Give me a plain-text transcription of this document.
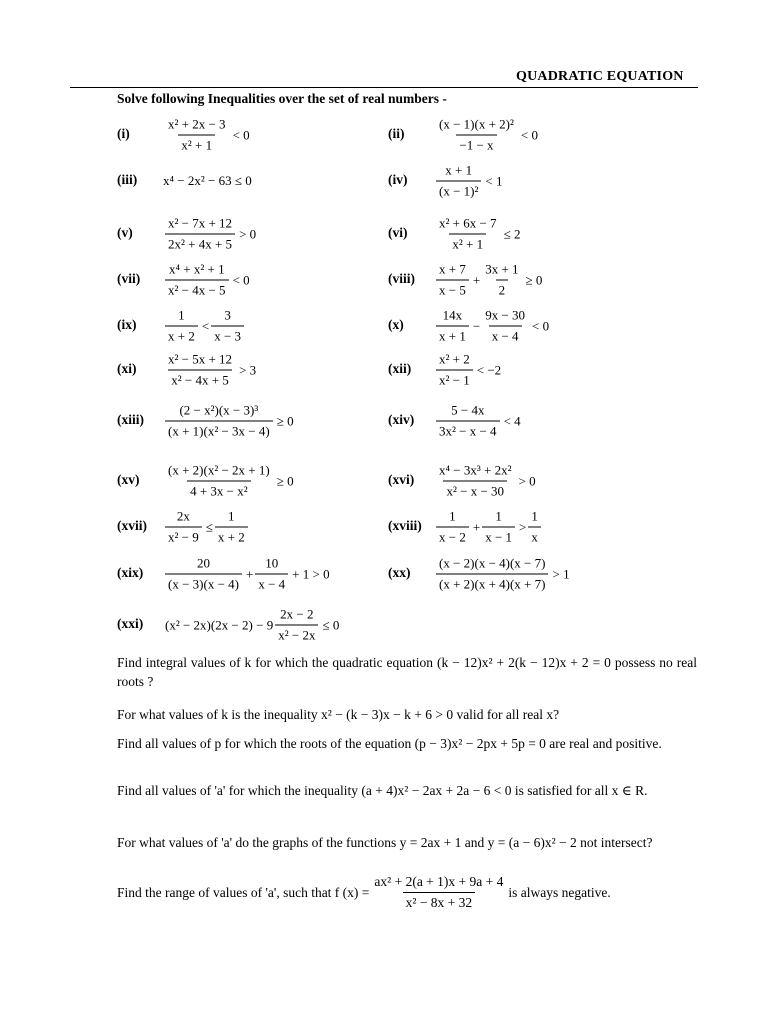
QUADRATIC EQUATION
Solve following Inequalities over the set of real numbers -
(i)	$\frac{\text{x² + 2x − 3}}{\text{x² + 1}} < 0$	$(ii) \frac{\text{(x − 1)(x + 2)²}}{-1 - x} < 0$
(iii) x⁴ − 2x² − 63 ≤ 0	$(iv) \frac{x + 1}{\text{(x − 1)²}} < 1$
$(v) \frac{\text{x² − 7x + 12}}{\text{2x² + 4x + 5}} > 0$	$(vi) \frac{\text{x² + 6x − 7}}{\text{x² + 1}} \le 2$
$(vii) \frac{\text{x⁴ + x² + 1}}{\text{x² − 4x − 5}} < 0$	(viii) $\frac{x + 7}{x - 5} + \frac{3x + 1}{2} \ge 0$
$(ix) \frac{1}{x + 2} < \frac{3}{x - 3}$	$(x) \frac{14x}{x + 1} - \frac{9x - 30}{x - 4} < 0$
$(xi) \frac{\text{x² − 5x + 12}}{\text{x² − 4x + 5}} > 3$	$(xii) \frac{\text{x² + 2}}{\text{x² − 1}} < -2$
(xiii) $\frac{\text{(2 − x²)(x − 3)³}}{\text{(x + 1)(x² − 3x − 4)}} \ge 0$	$(xiv) \frac{5 - 4x}{\text{3x² − x − 4}} < 4$
$(xv) \frac{\text{(x + 2)(x² − 2x + 1)}}{\text{4 + 3x − x²}} \ge 0$	$(xvi) \frac{\text{x⁴ − 3x³ + 2x²}}{\text{x² − x − 30}} > 0$
(xvii) $\frac{2x}{\text{x² − 9}} \le \frac{1}{x + 2}$	(xviii) $\frac{1}{x - 2} + \frac{1}{x - 1} > \frac{1}{x}$
$(xix) \frac{20}{(x - 3)(x - 4)} + \frac{10}{x - 4} + 1 > 0$	$(xx) \frac{(x - 2)(x - 4)(x - 7)}{(x + 2)(x + 4)(x + 7)} > 1$
(xxi) $(x^2 - 2x)(2x - 2) - 9 \frac{2x - 2}{\text{x² − 2x}} \le 0$
Find integral values of k for which the quadratic equation (k − 12)x² + 2(k − 12)x + 2 = 0 possess no real roots ?
For what values of k is the inequality x² − (k − 3)x − k + 6 > 0 valid for all real x?
Find all values of p for which the roots of the equation (p − 3)x² − 2px + 5p = 0 are real and positive.
Find all values of 'a' for which the inequality (a + 4)x² − 2ax + 2a − 6 < 0 is satisfied for all x ∈ R.
For what values of 'a' do the graphs of the functions y = 2ax + 1 and y = (a − 6)x² − 2 not intersect?
Find the range of values of 'a', such that f $(x) = \frac{\text{ax² + 2(a + 1)x + 9a + 4}}{\text{x² − 8x + 32}}$ is always negative.
